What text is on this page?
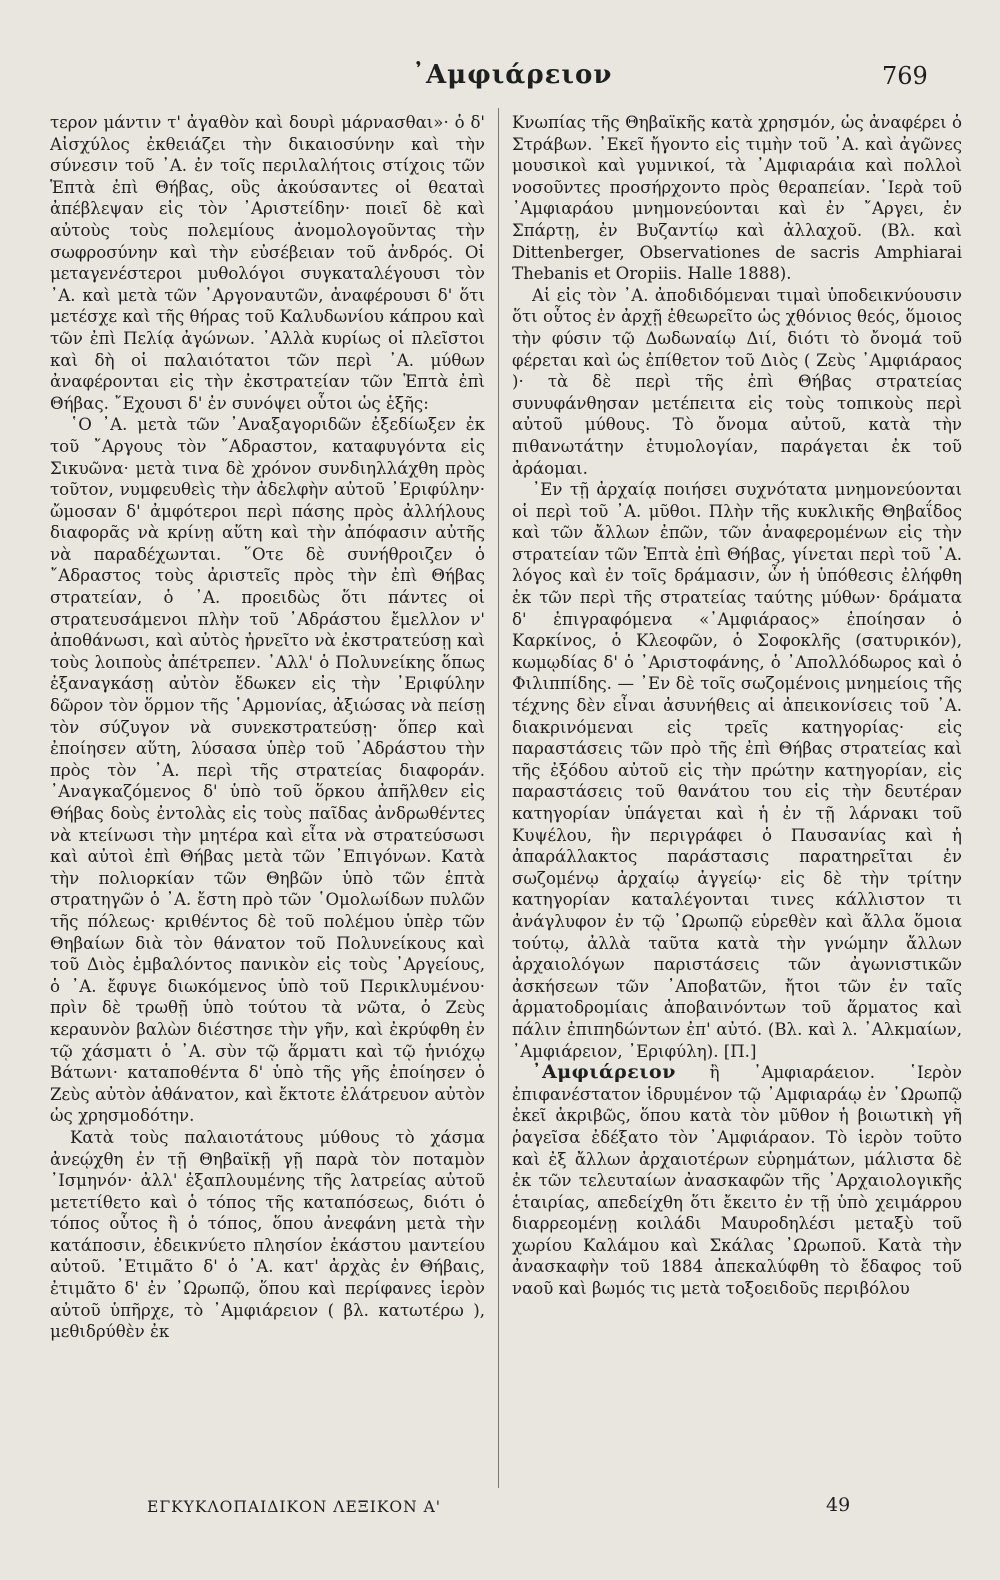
᾿Αμφιάρειον	769

τερον μάντιν τ' ἀγαθὸν καὶ δουρὶ μάρνασθαι»· ὁ δ' Αἰσχύλος ἐκθειάζει τὴν δικαιοσύνην καὶ τὴν σύνεσιν τοῦ ᾿Α. ἐν τοῖς περιλαλήτοις στίχοις τῶν Ἑπτὰ ἐπὶ Θήβας, οὓς ἀκούσαντες οἱ θεαταὶ ἀπέβλεψαν εἰς τὸν ᾿Αριστείδην· ποιεῖ δὲ καὶ αὐτοὺς τοὺς πολεμίους ἀνομολογοῦντας τὴν σωφροσύνην καὶ τὴν εὐσέβειαν τοῦ ἀνδρός. Οἱ μεταγενέστεροι μυθολόγοι συγκαταλέγουσι τὸν ᾿Α. καὶ μετὰ τῶν ᾿Αργοναυτῶν, ἀναφέρουσι δ' ὅτι μετέσχε καὶ τῆς θήρας τοῦ Καλυδωνίου κάπρου καὶ τῶν ἐπὶ Πελίᾳ ἀγώνων. ᾿Αλλὰ κυρίως οἱ πλεῖστοι καὶ δὴ οἱ παλαιότατοι τῶν περὶ ᾿Α. μύθων ἀναφέρονται εἰς τὴν ἐκστρατείαν τῶν Ἑπτὰ ἐπὶ Θήβας. ῎Εχουσι δ' ἐν συνόψει οὗτοι ὡς ἑξῆς:

῾Ο ᾿Α. μετὰ τῶν ᾿Αναξαγοριδῶν ἐξεδίωξεν ἐκ τοῦ ῎Αργους τὸν ῎Αδραστον, καταφυγόντα εἰς Σικυῶνα· μετὰ τινα δὲ χρόνον συνδιηλλάχθη πρὸς τοῦτον, νυμφευθεὶς τὴν ἀδελφὴν αὐτοῦ ᾿Εριφύλην· ὤμοσαν δ' ἀμφότεροι περὶ πάσης πρὸς ἀλλήλους διαφορᾶς νὰ κρίνῃ αὕτη καὶ τὴν ἀπόφασιν αὐτῆς νὰ παραδέχωνται. ῞Οτε δὲ συνήθροιζεν ὁ ῎Αδραστος τοὺς ἀριστεῖς πρὸς τὴν ἐπὶ Θήβας στρατείαν, ὁ ᾿Α. προειδὼς ὅτι πάντες οἱ στρατευσάμενοι πλὴν τοῦ ᾿Αδράστου ἔμελλον ν' ἀποθάνωσι, καὶ αὐτὸς ἠρνεῖτο νὰ ἐκστρατεύσῃ καὶ τοὺς λοιποὺς ἀπέτρεπεν. ᾿Αλλ' ὁ Πολυνείκης ὅπως ἐξαναγκάσῃ αὐτὸν ἔδωκεν εἰς τὴν ᾿Εριφύλην δῶρον τὸν ὅρμον τῆς ῾Αρμονίας, ἀξιώσας νὰ πείσῃ τὸν σύζυγον νὰ συνεκστρατεύσῃ· ὅπερ καὶ ἐποίησεν αὕτη, λύσασα ὑπὲρ τοῦ ᾿Αδράστου τὴν πρὸς τὸν ᾿Α. περὶ τῆς στρατείας διαφοράν. ᾿Αναγκαζόμενος δ' ὑπὸ τοῦ ὅρκου ἀπῆλθεν εἰς Θήβας δοὺς ἐντολὰς εἰς τοὺς παῖδας ἀνδρωθέντες νὰ κτείνωσι τὴν μητέρα καὶ εἶτα νὰ στρατεύσωσι καὶ αὐτοὶ ἐπὶ Θήβας μετὰ τῶν ᾿Επιγόνων. Κατὰ τὴν πολιορκίαν τῶν Θηβῶν ὑπὸ τῶν ἑπτὰ στρατηγῶν ὁ ᾿Α. ἔστη πρὸ τῶν ῾Ομολωίδων πυλῶν τῆς πόλεως· κριθέντος δὲ τοῦ πολέμου ὑπὲρ τῶν Θηβαίων διὰ τὸν θάνατον τοῦ Πολυνείκους καὶ τοῦ Διὸς ἐμβαλόντος πανικὸν εἰς τοὺς ᾿Αργείους, ὁ ᾿Α. ἔφυγε διωκόμενος ὑπὸ τοῦ Περικλυμένου· πρὶν δὲ τρωθῇ ὑπὸ τούτου τὰ νῶτα, ὁ Ζεὺς κεραυνὸν βαλὼν διέστησε τὴν γῆν, καὶ ἐκρύφθη ἐν τῷ χάσματι ὁ ᾿Α. σὺν τῷ ἅρματι καὶ τῷ ἡνιόχῳ Βάτωνι· καταποθέντα δ' ὑπὸ τῆς γῆς ἐποίησεν ὁ Ζεὺς αὐτὸν ἀθάνατον, καὶ ἔκτοτε ἐλάτρευον αὐτὸν ὡς χρησμοδότην.

Κατὰ τοὺς παλαιοτάτους μύθους τὸ χάσμα ἀνεῴχθη ἐν τῇ Θηβαϊκῇ γῇ παρὰ τὸν ποταμὸν ᾿Ισμηνόν· ἀλλ' ἐξαπλουμένης τῆς λατρείας αὐτοῦ μετετίθετο καὶ ὁ τόπος τῆς καταπόσεως, διότι ὁ τόπος οὗτος ἢ ὁ τόπος, ὅπου ἀνεφάνη μετὰ τὴν κατάποσιν, ἐδεικνύετο πλησίον ἑκάστου μαντείου αὐτοῦ. ᾿Ετιμᾶτο δ' ὁ ᾿Α. κατ' ἀρχὰς ἐν Θήβαις, ἐτιμᾶτο δ' ἐν ᾿Ωρωπῷ, ὅπου καὶ περίφανες ἱερὸν αὐτοῦ ὑπῆρχε, τὸ ᾿Αμφιάρειον ( βλ. κατωτέρω ), μεθιδρύθὲν ἐκ

Κνωπίας τῆς Θηβαϊκῆς κατὰ χρησμόν, ὡς ἀναφέρει ὁ Στράβων. ᾿Εκεῖ ἤγοντο εἰς τιμὴν τοῦ ᾿Α. καὶ ἀγῶνες μουσικοὶ καὶ γυμνικοί, τὰ ᾿Αμφιαράια καὶ πολλοὶ νοσοῦντες προσήρχοντο πρὸς θεραπείαν. ῾Ιερὰ τοῦ ᾿Αμφιαράου μνημονεύονται καὶ ἐν ῎Αργει, ἐν Σπάρτῃ, ἐν Βυζαντίῳ καὶ ἀλλαχοῦ. (Βλ. καὶ Dittenberger, Observationes de sacris Amphiarai Thebanis et Oropiis. Halle 1888).

Αἱ εἰς τὸν ᾿Α. ἀποδιδόμεναι τιμαὶ ὑποδεικνύουσιν ὅτι οὗτος ἐν ἀρχῇ ἐθεωρεῖτο ὡς χθόνιος θεός, ὅμοιος τὴν φύσιν τῷ Δωδωναίῳ Διί, διότι τὸ ὄνομά τοῦ φέρεται καὶ ὡς ἐπίθετον τοῦ Διὸς ( Ζεὺς ᾿Αμφιάραος )· τὰ δὲ περὶ τῆς ἐπὶ Θήβας στρατείας συνυφάνθησαν μετέπειτα εἰς τοὺς τοπικοὺς περὶ αὐτοῦ μύθους. Τὸ ὄνομα αὐτοῦ, κατὰ τὴν πιθανωτάτην ἐτυμολογίαν, παράγεται ἐκ τοῦ ἀράομαι.

᾿Εν τῇ ἀρχαίᾳ ποιήσει συχνότατα μνημονεύονται οἱ περὶ τοῦ ᾿Α. μῦθοι. Πλὴν τῆς κυκλικῆς Θηβαΐδος καὶ τῶν ἄλλων ἐπῶν, τῶν ἀναφερομένων εἰς τὴν στρατείαν τῶν Ἑπτὰ ἐπὶ Θήβας, γίνεται περὶ τοῦ ᾿Α. λόγος καὶ ἐν τοῖς δράμασιν, ὧν ἡ ὑπόθεσις ἐλήφθη ἐκ τῶν περὶ τῆς στρατείας ταύτης μύθων· δράματα δ' ἐπιγραφόμενα «᾿Αμφιάραος» ἐποίησαν ὁ Καρκίνος, ὁ Κλεοφῶν, ὁ Σοφοκλῆς (σατυρικόν), κωμῳδίας δ' ὁ ᾿Αριστοφάνης, ὁ ᾿Απολλόδωρος καὶ ὁ Φιλιππίδης. — ᾿Εν δὲ τοῖς σωζομένοις μνημείοις τῆς τέχνης δὲν εἶναι ἀσυνήθεις αἱ ἀπεικονίσεις τοῦ ᾿Α. διακρινόμεναι εἰς τρεῖς κατηγορίας· εἰς παραστάσεις τῶν πρὸ τῆς ἐπὶ Θήβας στρατείας καὶ τῆς ἐξόδου αὐτοῦ εἰς τὴν πρώτην κατηγορίαν, εἰς παραστάσεις τοῦ θανάτου του εἰς τὴν δευτέραν κατηγορίαν ὑπάγεται καὶ ἡ ἐν τῇ λάρνακι τοῦ Κυψέλου, ἣν περιγράφει ὁ Παυσανίας καὶ ἡ ἀπαράλλακτος παράστασις παρατηρεῖται ἐν σωζομένῳ ἀρχαίῳ ἀγγείῳ· εἰς δὲ τὴν τρίτην κατηγορίαν καταλέγονται τινες κάλλιστον τι ἀνάγλυφον ἐν τῷ ᾿Ωρωπῷ εὑρεθὲν καὶ ἄλλα ὅμοια τούτῳ, ἀλλὰ ταῦτα κατὰ τὴν γνώμην ἄλλων ἀρχαιολόγων παριστάσεις τῶν ἀγωνιστικῶν ἀσκήσεων τῶν ᾿Αποβατῶν, ἤτοι τῶν ἐν ταῖς ἁρματοδρομίαις ἀποβαινόντων τοῦ ἅρματος καὶ πάλιν ἐπιπηδώντων ἐπ' αὐτό. (Βλ. καὶ λ. ᾿Αλκμαίων, ᾿Αμφιάρειον, ᾿Εριφύλη). [Π.]

᾿Αμφιάρειον ἢ ᾿Αμφιαράειον. ῾Ιερὸν ἐπιφανέστατον ἱδρυμένον τῷ ᾿Αμφιαράῳ ἐν ᾿Ωρωπῷ ἐκεῖ ἀκριβῶς, ὅπου κατὰ τὸν μῦθον ἡ βοιωτικὴ γῆ ῥαγεῖσα ἐδέξατο τὸν ᾿Αμφιάραον. Τὸ ἱερὸν τοῦτο καὶ ἐξ ἄλλων ἀρχαιοτέρων εὑρημάτων, μάλιστα δὲ ἐκ τῶν τελευταίων ἀνασκαφῶν τῆς ᾿Αρχαιολογικῆς ἑταιρίας, απεδείχθη ὅτι ἔκειτο ἐν τῇ ὑπὸ χειμάρρου διαρρεομένῃ κοιλάδι Μαυροδηλέσι μεταξὺ τοῦ χωρίου Καλάμου καὶ Σκάλας ᾿Ωρωποῦ. Κατὰ τὴν ἀνασκαφὴν τοῦ 1884 ἀπεκαλύφθη τὸ ἔδαφος τοῦ ναοῦ καὶ βωμός τις μετὰ τοξοειδοῦς περιβόλου

ΕΓΚΥΚΛΟΠΑΙΔΙΚΟΝ ΛΕΞΙΚΟΝ Α'	49
